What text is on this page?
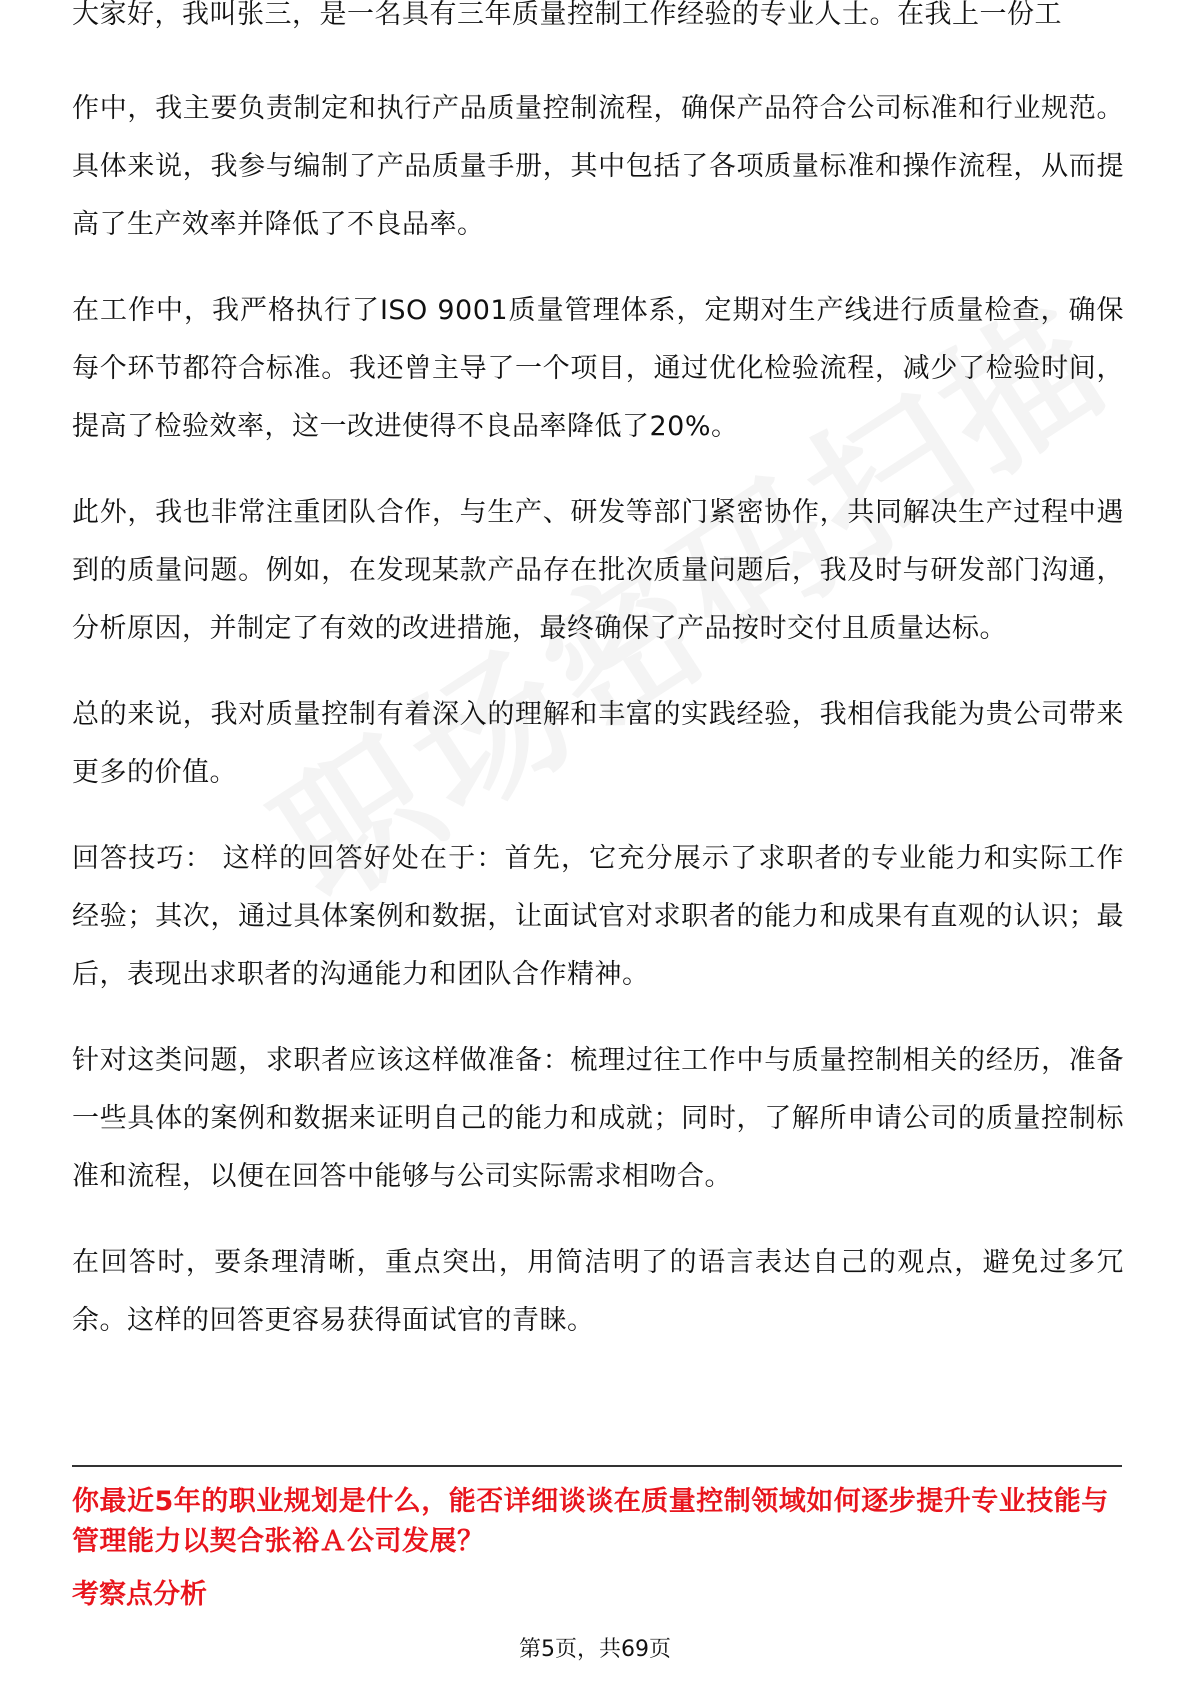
大家好，我叫张三，是一名具有三年质量控制工作经验的专业人士。在我上一份工

作中，我主要负责制定和执行产品质量控制流程，确保产品符合公司标准和行业规范。具体来说，我参与编制了产品质量手册，其中包括了各项质量标准和操作流程，从而提高了生产效率并降低了不良品率。

在工作中，我严格执行了ISO 9001质量管理体系，定期对生产线进行质量检查，确保每个环节都符合标准。我还曾主导了一个项目，通过优化检验流程，减少了检验时间，提高了检验效率，这一改进使得不良品率降低了20%。

此外，我也非常注重团队合作，与生产、研发等部门紧密协作，共同解决生产过程中遇到的质量问题。例如，在发现某款产品存在批次质量问题后，我及时与研发部门沟通，分析原因，并制定了有效的改进措施，最终确保了产品按时交付且质量达标。

总的来说，我对质量控制有着深入的理解和丰富的实践经验，我相信我能为贵公司带来更多的价值。

回答技巧： 这样的回答好处在于：首先，它充分展示了求职者的专业能力和实际工作经验；其次，通过具体案例和数据，让面试官对求职者的能力和成果有直观的认识；最后，表现出求职者的沟通能力和团队合作精神。

针对这类问题，求职者应该这样做准备：梳理过往工作中与质量控制相关的经历，准备一些具体的案例和数据来证明自己的能力和成就；同时，了解所申请公司的质量控制标准和流程，以便在回答中能够与公司实际需求相吻合。

在回答时，要条理清晰，重点突出，用简洁明了的语言表达自己的观点，避免过多冗余。这样的回答更容易获得面试官的青睐。

你最近5年的职业规划是什么，能否详细谈谈在质量控制领域如何逐步提升专业技能与管理能力以契合张裕Ａ公司发展？
考察点分析
第5页，共69页
